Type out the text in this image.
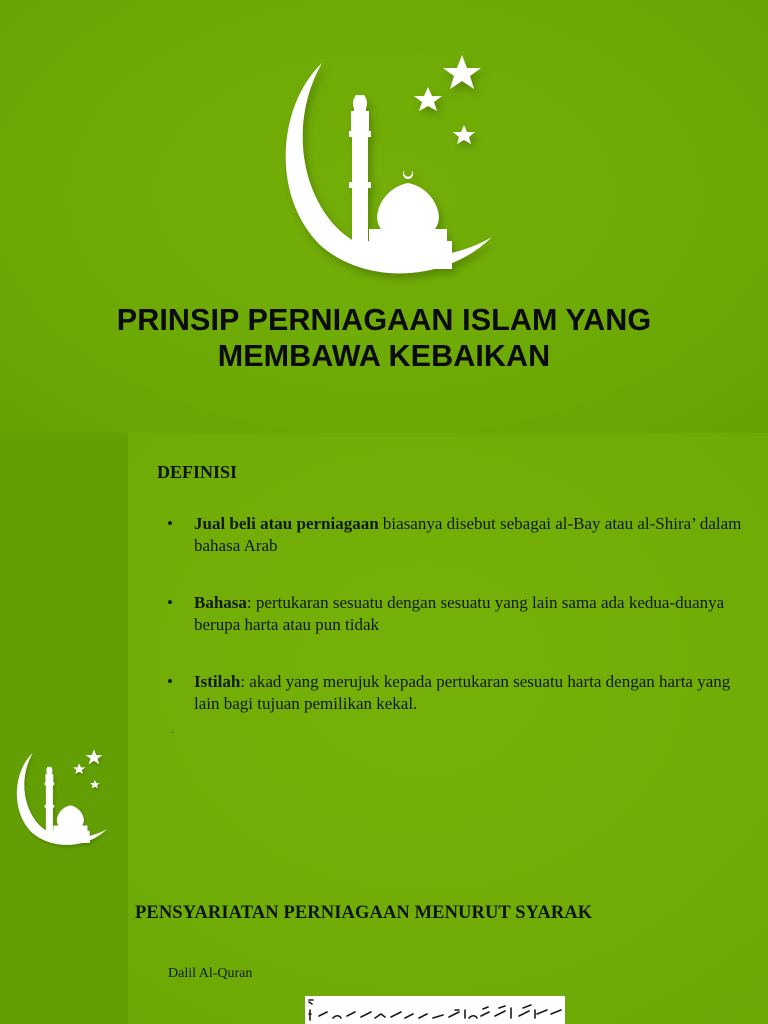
PRINSIP PERNIAGAAN ISLAM YANG
MEMBAWA KEBAIKAN
DEFINISI
• Jual beli atau perniagaan biasanya disebut sebagai al-Bay atau al-Shira’ dalam bahasa Arab
• Bahasa: pertukaran sesuatu dengan sesuatu yang lain sama ada kedua-duanya berupa harta atau pun tidak
• Istilah: akad yang merujuk kepada pertukaran sesuatu harta dengan harta yang lain bagi tujuan pemilikan kekal.
.
PENSYARIATAN PERNIAGAAN MENURUT SYARAK
Dalil Al-Quran
